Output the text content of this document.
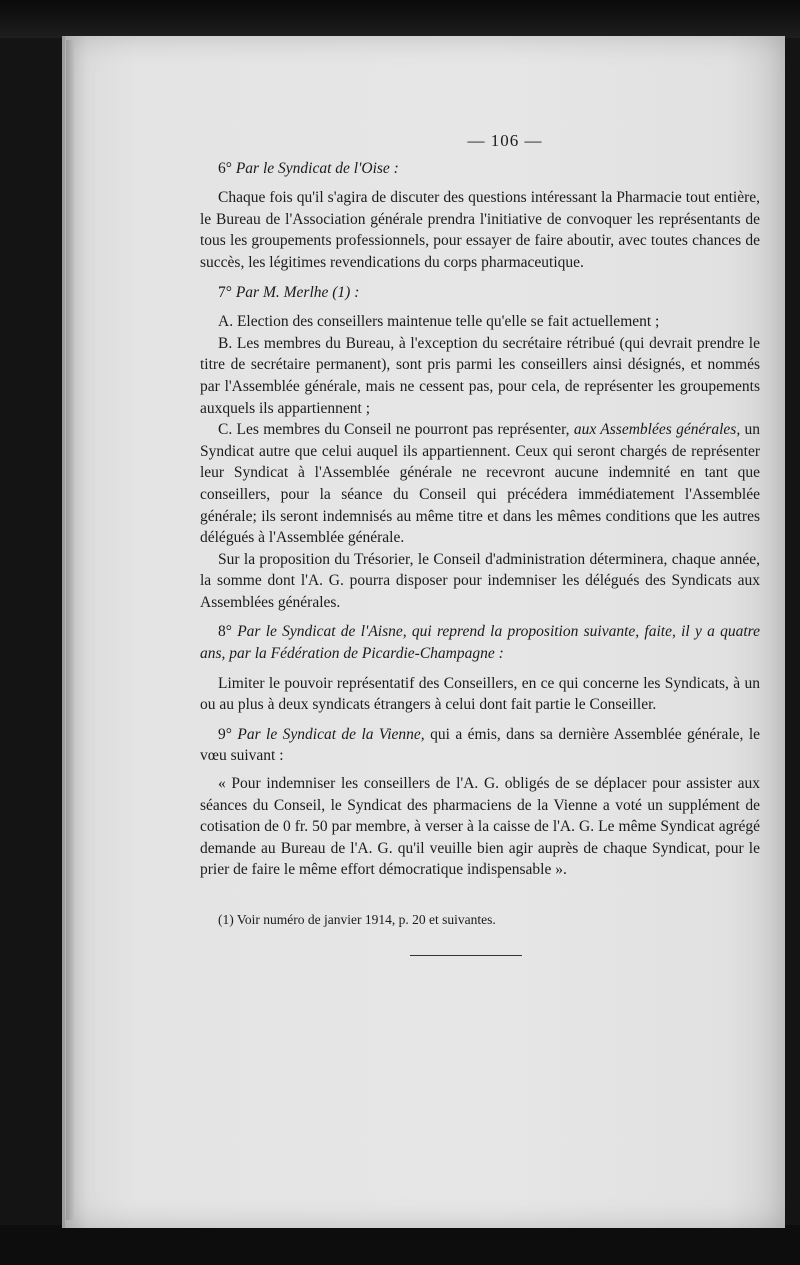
— 106 —

6° Par le Syndicat de l'Oise :

Chaque fois qu'il s'agira de discuter des questions intéressant la Pharmacie tout entière, le Bureau de l'Association générale prendra l'initiative de convoquer les représentants de tous les groupements professionnels, pour essayer de faire aboutir, avec toutes chances de succès, les légitimes revendications du corps pharmaceutique.

7° Par M. Merlhe (1) :

A. Election des conseillers maintenue telle qu'elle se fait actuellement ;

B. Les membres du Bureau, à l'exception du secrétaire rétribué (qui devrait prendre le titre de secrétaire permanent), sont pris parmi les conseillers ainsi désignés, et nommés par l'Assemblée générale, mais ne cessent pas, pour cela, de représenter les groupements auxquels ils appartiennent ;

C. Les membres du Conseil ne pourront pas représenter, aux Assemblées générales, un Syndicat autre que celui auquel ils appartiennent. Ceux qui seront chargés de représenter leur Syndicat à l'Assemblée générale ne recevront aucune indemnité en tant que conseillers, pour la séance du Conseil qui précédera immédiatement l'Assemblée générale; ils seront indemnisés au même titre et dans les mêmes conditions que les autres délégués à l'Assemblée générale.

Sur la proposition du Trésorier, le Conseil d'administration déterminera, chaque année, la somme dont l'A. G. pourra disposer pour indemniser les délégués des Syndicats aux Assemblées générales.

8° Par le Syndicat de l'Aisne, qui reprend la proposition suivante, faite, il y a quatre ans, par la Fédération de Picardie-Champagne :

Limiter le pouvoir représentatif des Conseillers, en ce qui concerne les Syndicats, à un ou au plus à deux syndicats étrangers à celui dont fait partie le Conseiller.

9° Par le Syndicat de la Vienne, qui a émis, dans sa dernière Assemblée générale, le vœu suivant :

« Pour indemniser les conseillers de l'A. G. obligés de se déplacer pour assister aux séances du Conseil, le Syndicat des pharmaciens de la Vienne a voté un supplément de cotisation de 0 fr. 50 par membre, à verser à la caisse de l'A. G. Le même Syndicat agrégé demande au Bureau de l'A. G. qu'il veuille bien agir auprès de chaque Syndicat, pour le prier de faire le même effort démocratique indispensable ».

(1) Voir numéro de janvier 1914, p. 20 et suivantes.
